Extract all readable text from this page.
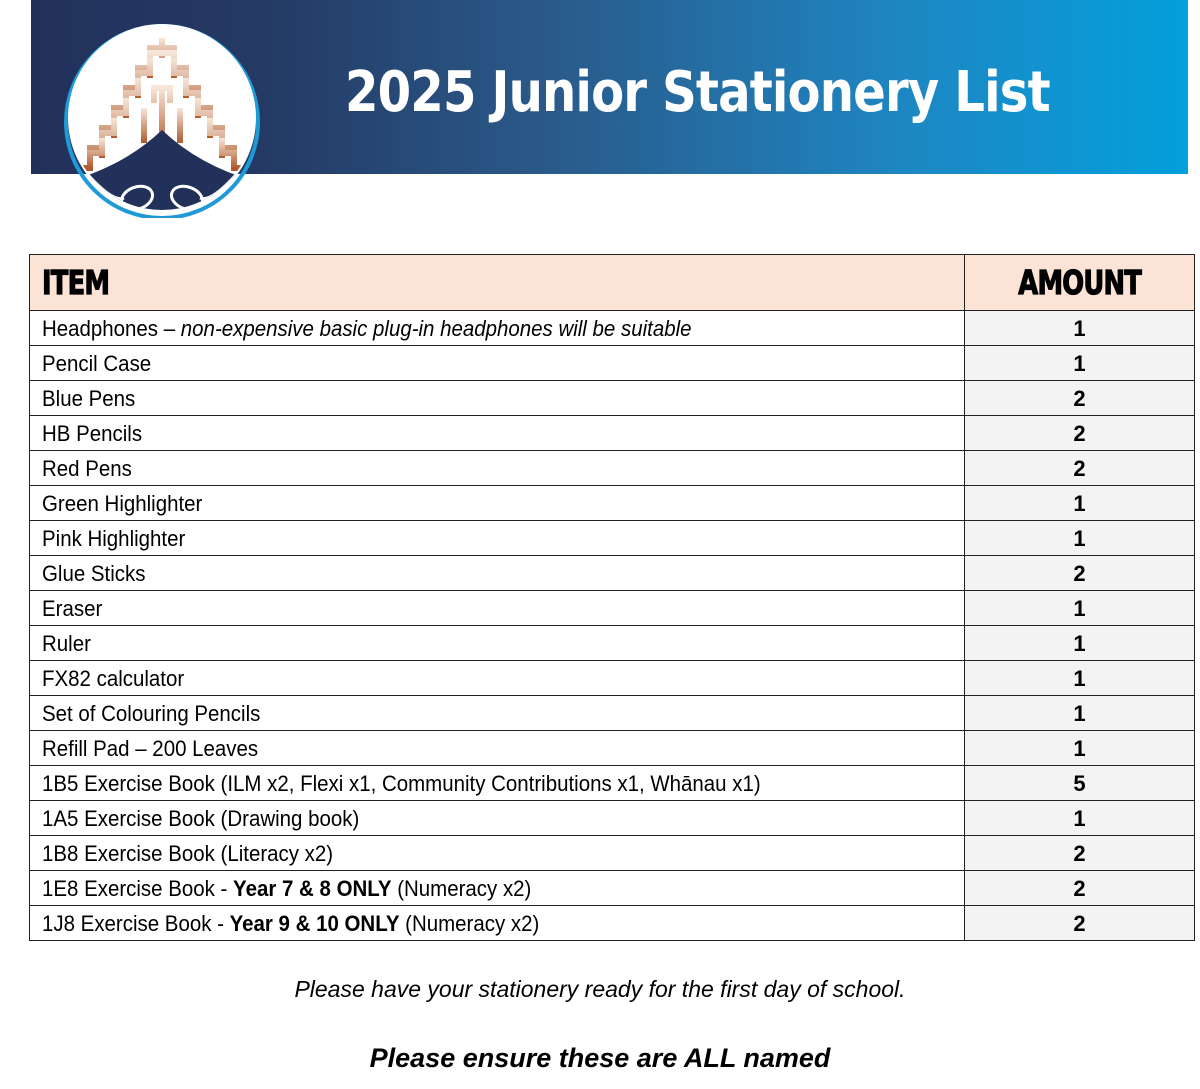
2025 Junior Stationery List
ITEM	AMOUNT
Headphones – non-expensive basic plug-in headphones will be suitable	1
Pencil Case	1
Blue Pens	2
HB Pencils	2
Red Pens	2
Green Highlighter	1
Pink Highlighter	1
Glue Sticks	2
Eraser	1
Ruler	1
FX82 calculator	1
Set of Colouring Pencils	1
Refill Pad – 200 Leaves	1
1B5 Exercise Book (ILM x2, Flexi x1, Community Contributions x1, Whānau x1)	5
1A5 Exercise Book (Drawing book)	1
1B8 Exercise Book (Literacy x2)	2
1E8 Exercise Book - Year 7 & 8 ONLY (Numeracy x2)	2
1J8 Exercise Book - Year 9 & 10 ONLY (Numeracy x2)	2
Please have your stationery ready for the first day of school.
Please ensure these are ALL named
